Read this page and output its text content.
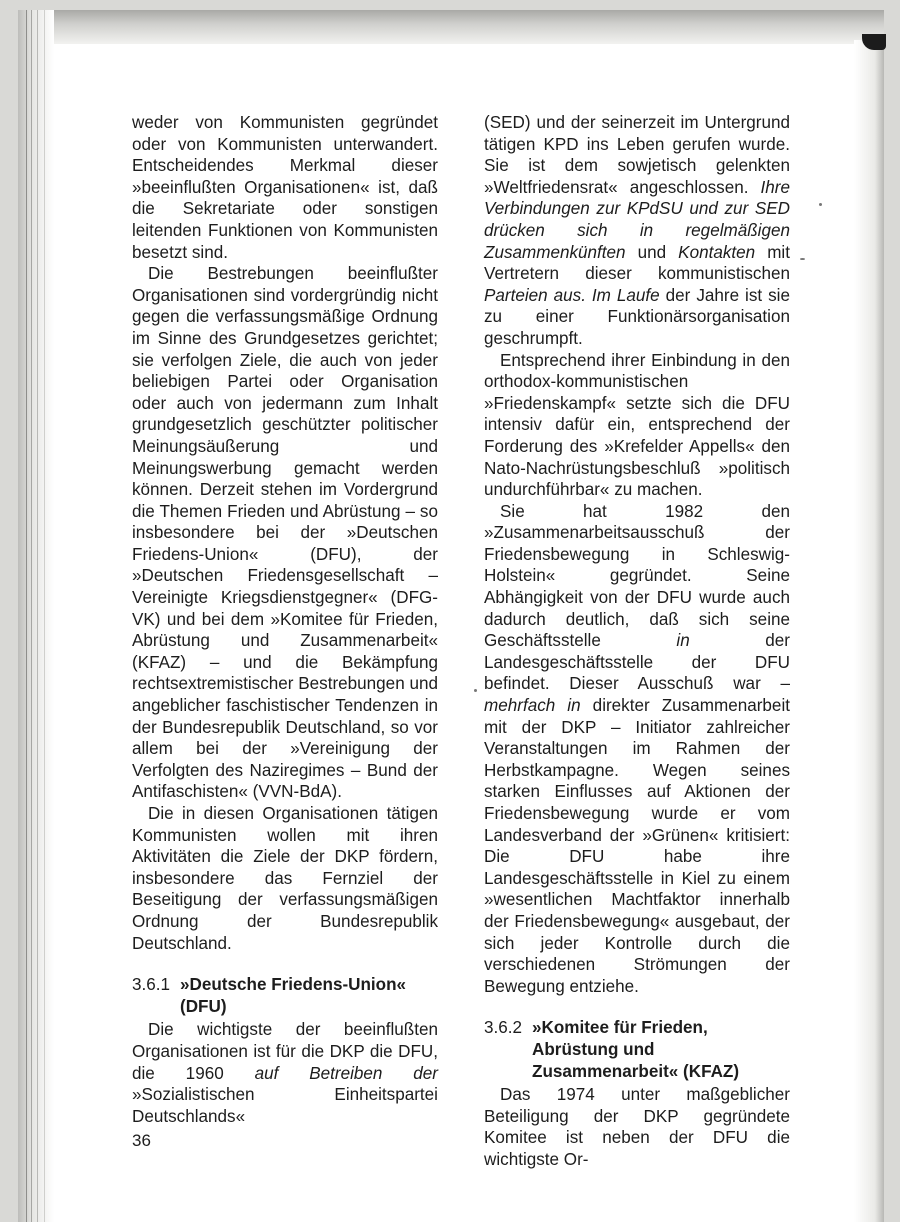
weder von Kommunisten gegründet oder von Kommunisten unterwandert. Entscheidendes Merkmal dieser »beeinflußten Organisationen« ist, daß die Sekretariate oder sonstigen leitenden Funktionen von Kommunisten besetzt sind.

Die Bestrebungen beeinflußter Organisationen sind vordergründig nicht gegen die verfassungsmäßige Ordnung im Sinne des Grundgesetzes gerichtet; sie verfolgen Ziele, die auch von jeder beliebigen Partei oder Organisation oder auch von jedermann zum Inhalt grundgesetzlich geschützter politischer Meinungsäußerung und Meinungswerbung gemacht werden können. Derzeit stehen im Vordergrund die Themen Frieden und Abrüstung – so insbesondere bei der »Deutschen Friedens-Union« (DFU), der »Deutschen Friedensgesellschaft – Vereinigte Kriegsdienstgegner« (DFG-VK) und bei dem »Komitee für Frieden, Abrüstung und Zusammenarbeit« (KFAZ) – und die Bekämpfung rechtsextremistischer Bestrebungen und angeblicher faschistischer Tendenzen in der Bundesrepublik Deutschland, so vor allem bei der »Vereinigung der Verfolgten des Naziregimes – Bund der Antifaschisten« (VVN-BdA).

Die in diesen Organisationen tätigen Kommunisten wollen mit ihren Aktivitäten die Ziele der DKP fördern, insbesondere das Fernziel der Beseitigung der verfassungsmäßigen Ordnung der Bundesrepublik Deutschland.

3.6.1 »Deutsche Friedens-Union« (DFU)

Die wichtigste der beeinflußten Organisationen ist für die DKP die DFU, die 1960 auf Betreiben der »Sozialistischen Einheitspartei Deutschlands«

(SED) und der seinerzeit im Untergrund tätigen KPD ins Leben gerufen wurde. Sie ist dem sowjetisch gelenkten »Weltfriedensrat« angeschlossen. Ihre Verbindungen zur KPdSU und zur SED drücken sich in regelmäßigen Zusammenkünften und Kontakten mit Vertretern dieser kommunistischen Parteien aus. Im Laufe der Jahre ist sie zu einer Funktionärsorganisation geschrumpft.

Entsprechend ihrer Einbindung in den orthodox-kommunistischen »Friedenskampf« setzte sich die DFU intensiv dafür ein, entsprechend der Forderung des »Krefelder Appells« den Nato-Nachrüstungsbeschluß »politisch undurchführbar« zu machen.

Sie hat 1982 den »Zusammenarbeitsausschuß der Friedensbewegung in Schleswig-Holstein« gegründet. Seine Abhängigkeit von der DFU wurde auch dadurch deutlich, daß sich seine Geschäftsstelle in der Landesgeschäftsstelle der DFU befindet. Dieser Ausschuß war – mehrfach in direkter Zusammenarbeit mit der DKP – Initiator zahlreicher Veranstaltungen im Rahmen der Herbstkampagne. Wegen seines starken Einflusses auf Aktionen der Friedensbewegung wurde er vom Landesverband der »Grünen« kritisiert: Die DFU habe ihre Landesgeschäftsstelle in Kiel zu einem »wesentlichen Machtfaktor innerhalb der Friedensbewegung« ausgebaut, der sich jeder Kontrolle durch die verschiedenen Strömungen der Bewegung entziehe.

3.6.2 »Komitee für Frieden, Abrüstung und Zusammenarbeit« (KFAZ)

Das 1974 unter maßgeblicher Beteiligung der DKP gegründete Komitee ist neben der DFU die wichtigste Or-

36
